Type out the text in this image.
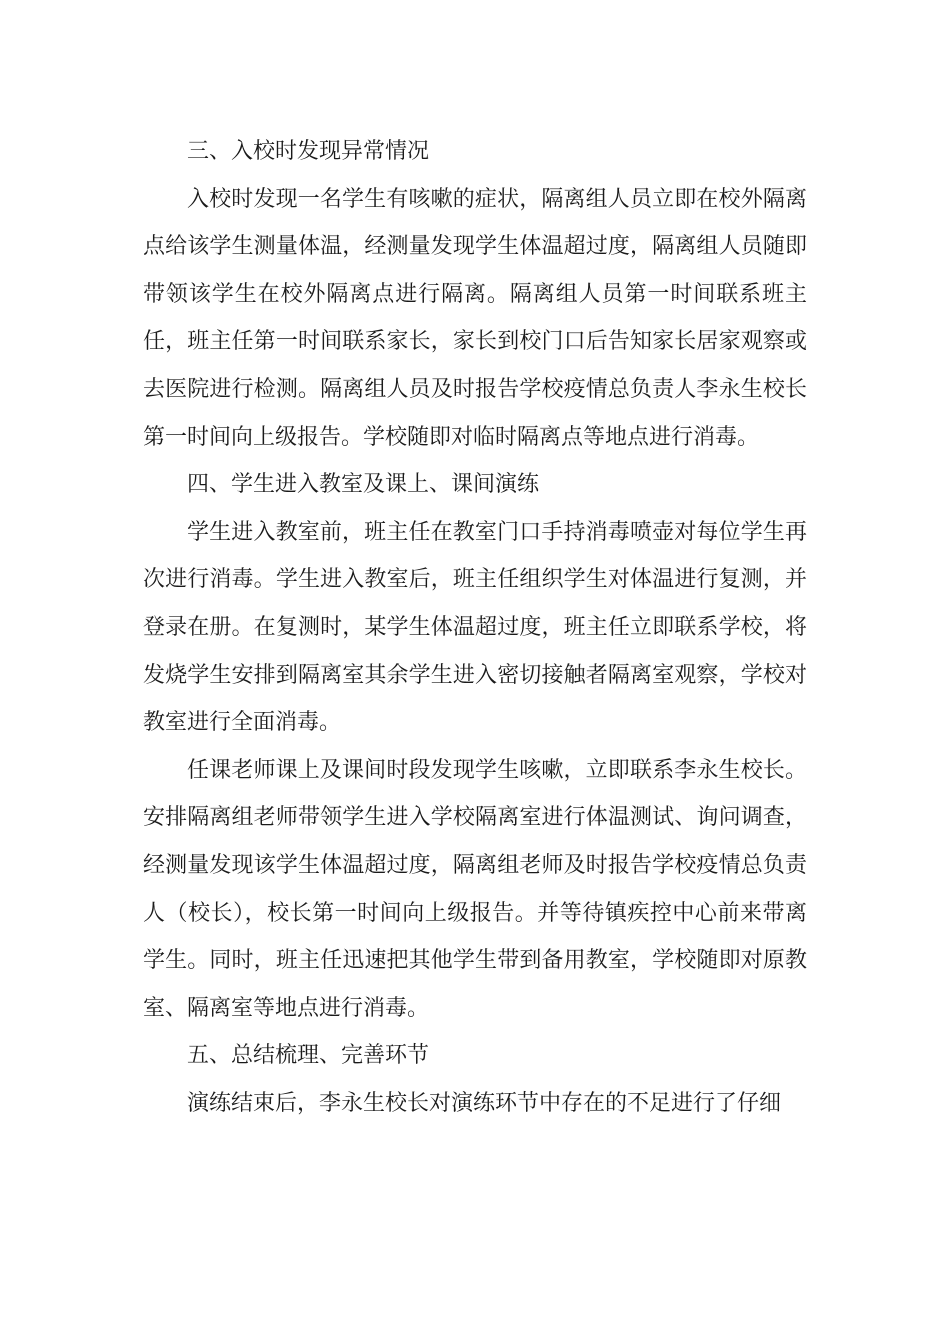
三、入校时发现异常情况

入校时发现一名学生有咳嗽的症状，隔离组人员立即在校外隔离点给该学生测量体温，经测量发现学生体温超过度，隔离组人员随即带领该学生在校外隔离点进行隔离。隔离组人员第一时间联系班主任，班主任第一时间联系家长，家长到校门口后告知家长居家观察或去医院进行检测。隔离组人员及时报告学校疫情总负责人李永生校长第一时间向上级报告。学校随即对临时隔离点等地点进行消毒。

四、学生进入教室及课上、课间演练

学生进入教室前，班主任在教室门口手持消毒喷壶对每位学生再次进行消毒。学生进入教室后，班主任组织学生对体温进行复测，并登录在册。在复测时，某学生体温超过度，班主任立即联系学校，将发烧学生安排到隔离室其余学生进入密切接触者隔离室观察，学校对教室进行全面消毒。

任课老师课上及课间时段发现学生咳嗽，立即联系李永生校长。安排隔离组老师带领学生进入学校隔离室进行体温测试、询问调查，经测量发现该学生体温超过度，隔离组老师及时报告学校疫情总负责人（校长），校长第一时间向上级报告。并等待镇疾控中心前来带离学生。同时，班主任迅速把其他学生带到备用教室，学校随即对原教室、隔离室等地点进行消毒。

五、总结梳理、完善环节

演练结束后，李永生校长对演练环节中存在的不足进行了仔细
